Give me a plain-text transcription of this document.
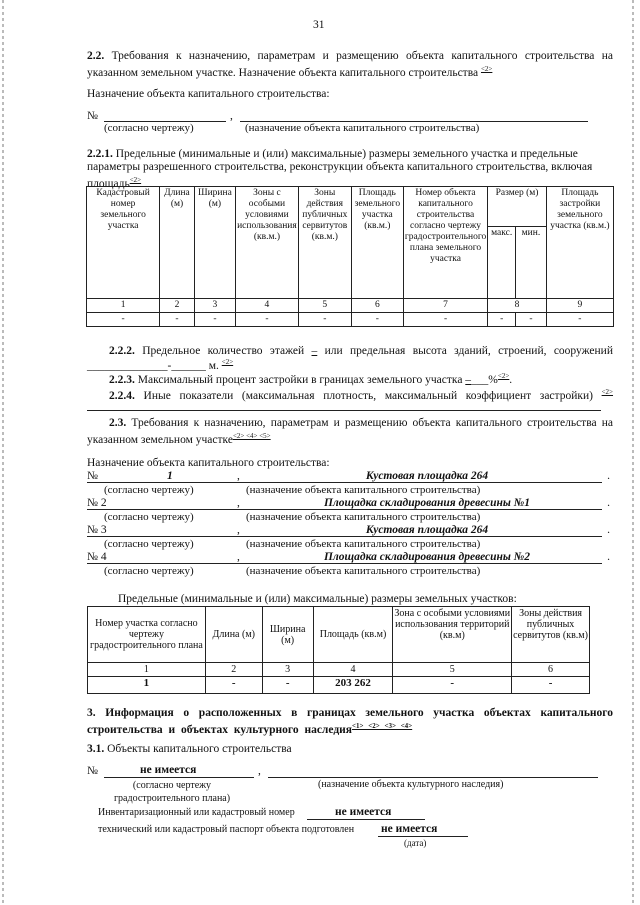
31
2.2. Требования к назначению, параметрам и размещению объекта капитального строительства на указанном земельном участке. Назначение объекта капитального строительства $^{<2>}$
Назначение объекта капитального строительства:
№	,
(согласно чертежу)	(назначение объекта капитального строительства)
2.2.1. Предельные (минимальные и (или) максимальные) размеры земельного участка и предельные параметры разрешенного строительства, реконструкции объекта капитального строительства, включая площадь$^{<2>}$
Кадастровый номер земельного участка	Длина (м)	Ширина (м)	Зоны с особыми условиями использования (кв.м.)	Зоны действия публичных сервитутов (кв.м.)	Площадь земельного участка (кв.м.)	Номер объекта капитального строительства согласно чертежу градостроительного плана земельного участка	Размер (м)		Площадь застройки земельного участка (кв.м.)
							макс.	мин.	
1	2	3	4	5	6	7	8		9
-	-	-	-	-	-	-	-	-	-
2.2.2. Предельное количество этажей – или предельная высота зданий, строений, сооружений
______________-______ м. $^{<2>}$
2.2.3. Максимальный процент застройки в границах земельного участка –___%$^{<2>}$.
2.2.4. Иные показатели (максимальная плотность, максимальный коэффициент застройки) $^{<2>}$
2.3. Требования к назначению, параметрам и размещению объекта капитального строительства на указанном земельном участке$^{<2> <4> <5>}$
Назначение объекта капитального строительства:
№	1	,	Кустовая площадка 264	.
(согласно чертежу)	(назначение объекта капитального строительства)
№ 2	,	Площадка складирования древесины №1	.
(согласно чертежу)	(назначение объекта капитального строительства)
№ 3	,	Кустовая площадка 264	.
(согласно чертежу)	(назначение объекта капитального строительства)
№ 4	,	Площадка складирования древесины №2	.
(согласно чертежу)	(назначение объекта капитального строительства)
Предельные (минимальные и (или) максимальные) размеры земельных участков:
Номер участка согласно чертежу градостроительного плана	Длина (м)	Ширина (м)	Площадь (кв.м)	Зона с особыми условиями использования территорий (кв.м)	Зоны действия публичных сервитутов (кв.м)
1	2	3	4	5	6
1	-	-	203 262	-	-
3. Информация о расположенных в границах земельного участка объектах капитального строительства и объектах культурного наследия$^{<1> <2> <3> <4>}$
3.1. Объекты капитального строительства
№	не имеется	,
(согласно чертежу градостроительного плана)
(назначение объекта культурного наследия)
Инвентаризационный или кадастровый номер	не имеется
технический или кадастровый паспорт объекта подготовлен не имеется
(дата)
